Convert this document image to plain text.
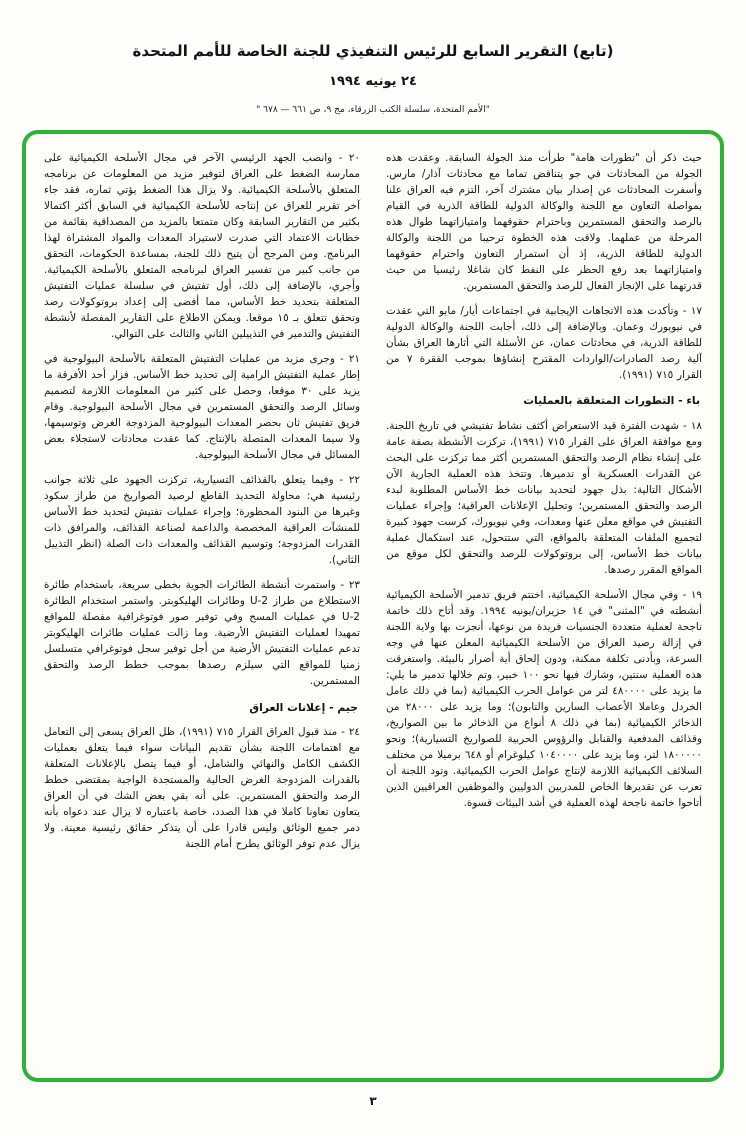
(تابع) التقرير السابع للرئيس التنفيذي للجنة الخاصة للأمم المتحدة
٢٤ يونيه ١٩٩٤
"الأمم المتحدة، سلسلة الكتب الزرقاء، مج ٩، ص ٦٦١ — ٦٧٨ "

حيث ذكر أن "تطورات هامة" طرأت منذ الجولة السابقة. وعقدت هذه الجولة من المحادثات في جو يتناقض تماما مع محادثات آذار/ مارس. وأسفرت المحادثات عن إصدار بيان مشترك آخر، التزم فيه العراق علنا بمواصلة التعاون مع اللجنة والوكالة الدولية للطاقة الذرية في القيام بالرصد والتحقق المستمرين وباحترام حقوقهما وامتيازاتهما طوال هذه المرحلة من عملهما. ولاقت هذه الخطوة ترحيبا من اللجنة والوكالة الدولية للطاقة الذرية، إذ أن استمرار التعاون واحترام حقوقهما وامتيازاتهما بعد رفع الحظر على النفط كان شاغلا رئيسيا من حيث قدرتهما على الإنجاز الفعال للرصد والتحقق المستمرين.

١٧ - وتأكدت هذه الاتجاهات الإيجابية في اجتماعات أيار/ مايو التي عقدت في نيويورك وعمان. وبالإضافة إلى ذلك، أجابت اللجنة والوكالة الدولية للطاقة الذرية، في محادثات عمان، عن الأسئلة التي أثارها العراق بشأن آلية رصد الصادرات/الواردات المقترح إنشاؤها بموجب الفقرة ٧ من القرار ٧١٥ (١٩٩١).

باء - التطورات المتعلقة بالعمليات

١٨ - شهدت الفترة قيد الاستعراض أكثف نشاط تفتيشي في تاريخ اللجنة. ومع موافقة العراق على القرار ٧١٥ (١٩٩١)، تركزت الأنشطة بصفة عامة على إنشاء نظام الرصد والتحقق المستمرين أكثر مما تركزت على البحث عن القدرات العسكرية أو تدميرها. وتتخذ هذه العملية الجارية الآن الأشكال التالية: بذل جهود لتحديد بيانات خط الأساس المطلوبة لبدء الرصد والتحقق المستمرين؛ وتحليل الإعلانات العراقية؛ وإجراء عمليات التفتيش في مواقع معلن عنها ومعدات، وفي نيويورك، كرست جهود كبيرة لتجميع الملفات المتعلقة بالمواقع، التي ستتحول، عند استكمال عملية بيانات خط الأساس، إلى بروتوكولات للرصد والتحقق لكل موقع من المواقع المقرر رصدها.

١٩ - وفي مجال الأسلحة الكيميائية، اختتم فريق تدمير الأسلحة الكيميائية أنشطته في "المثنى" في ١٤ حزيران/يونيه ١٩٩٤. وقد أتاح ذلك خاتمة ناجحة لعملية متعددة الجنسيات فريدة من نوعها، أنجزت بها ولاية اللجنة في إزالة رصيد العراق من الأسلحة الكيميائية المعلن عنها في وجه السرعة، وبأدنى تكلفة ممكنة، ودون إلحاق أية أضرار بالبيئة. واستغرقت هذه العملية سنتين، وشارك فيها نحو ١٠٠ خبير، وتم خلالها تدمير ما يلي: ما يزيد على ٤٨٠٠٠٠ لتر من عوامل الحرب الكيميائية (بما في ذلك عامل الخردل وعاملا الأعصاب السارين والتابون)؛ وما يزيد على ٢٨٠٠٠ من الذخائر الكيميائية (بما في ذلك ٨ أنواع من الذخائر ما بين الصواريخ، وقذائف المدفعية والقنابل والرؤوس الحربية للصواريخ التسيارية)؛ ونحو ١٨٠٠٠٠٠ لتر، وما يزيد على ١٠٤٠٠٠٠ كيلوغرام أو ٦٤٨ برميلا من مختلف السلائف الكيميائية اللازمة لإنتاج عوامل الحرب الكيميائية. وتود اللجنة أن تعرب عن تقديرها الخاص للمدربين الدوليين والموظفين العراقيين الذين أتاحوا خاتمة ناجحة لهذه العملية في أشد البيئات قسوة.

٢٠ - وانصب الجهد الرئيسي الآخر في مجال الأسلحة الكيميائية على ممارسة الضغط على العراق لتوفير مزيد من المعلومات عن برنامجه المتعلق بالأسلحة الكيميائية. ولا يزال هذا الضغط يؤتي ثماره، فقد جاء آخر تقرير للعراق عن إنتاجه للأسلحة الكيميائية في السابق أكثر اكتمالا بكثير من التقارير السابقة وكان متمتعا بالمزيد من المصداقية بقائمة من خطابات الاعتماد التي صدرت لاستيراد المعدات والمواد المشتراة لهذا البرنامج. ومن المرجح أن يتيح ذلك للجنة، بمساعدة الحكومات، التحقق من جانب كبير من تفسير العراق لبرنامجه المتعلق بالأسلحة الكيميائية. وأجري، بالإضافة إلى ذلك، أول تفتيش في سلسلة عمليات التفتيش المتعلقة بتحديد خط الأساس، مما أفضى إلى إعداد بروتوكولات رصد وتحقق تتعلق بـ ١٥ موقعا. ويمكن الاطلاع على التقارير المفصلة لأنشطة التفتيش والتدمير في التذييلين الثاني والثالث على التوالي.

٢١ - وجرى مزيد من عمليات التفتيش المتعلقة بالأسلحة البيولوجية في إطار عملية التفتيش الرامية إلى تحديد خط الأساس. فزار أحد الأفرقة ما يزيد على ٣٠ موقعا، وحصل على كثير من المعلومات اللازمة لتصميم وسائل الرصد والتحقق المستمرين في مجال الأسلحة البيولوجية. وقام فريق تفتيش ثان بحصر المعدات البيولوجية المزدوجة الغرض وتوسيمها، ولا سيما المعدات المتصلة بالإنتاج. كما عقدت محادثات لاستجلاء بعض المسائل في مجال الأسلحة البيولوجية.

٢٢ - وفيما يتعلق بالقذائف التسيارية، تركزت الجهود على ثلاثة جوانب رئيسية هي: محاولة التحديد القاطع لرصيد الصواريخ من طراز سكود وغيرها من البنود المحظورة؛ وإجراء عمليات تفتيش لتحديد خط الأساس للمنشآت العراقية المخصصة والداعمة لصناعة القذائف، والمرافق ذات القدرات المزدوجة؛ وتوسيم القذائف والمعدات ذات الصلة (انظر التذييل الثاني).

٢٣ - واستمرت أنشطة الطائرات الجوية بخطى سريعة، باستخدام طائرة الاستطلاع من طراز U-2 وطائرات الهليكوبتر. واستمر استخدام الطائرة U-2 في عمليات المسح وفي توفير صور فوتوغرافية مفصلة للمواقع تمهيدا لعمليات التفتيش الأرضية. وما زالت عمليات طائرات الهليكوبتر تدعم عمليات التفتيش الأرضية من أجل توفير سجل فوتوغرافي متسلسل زمنيا للمواقع التي سيلزم رصدها بموجب خطط الرصد والتحقق المستمرين.

جيم - إعلانات العراق

٢٤ - منذ قبول العراق القرار ٧١٥ (١٩٩١)، ظل العراق يسعى إلى التعامل مع اهتمامات اللجنة بشأن تقديم البيانات سواء فيما يتعلق بعمليات الكشف الكامل والنهائي والشامل، أو فيما يتصل بالإعلانات المتعلقة بالقدرات المزدوجة الغرض الحالية والمستجدة الواجبة بمقتضى خطط الرصد والتحقق المستمرين. على أنه بقي بعض الشك في أن العراق يتعاون تعاونا كاملا في هذا الصدد، خاصة باعتباره لا يزال عند دعواه بأنه دمر جميع الوثائق وليس قادرا على أن يتذكر حقائق رئيسية معينة. ولا يزال عدم توفر الوثائق يطرح أمام اللجنة

٣
